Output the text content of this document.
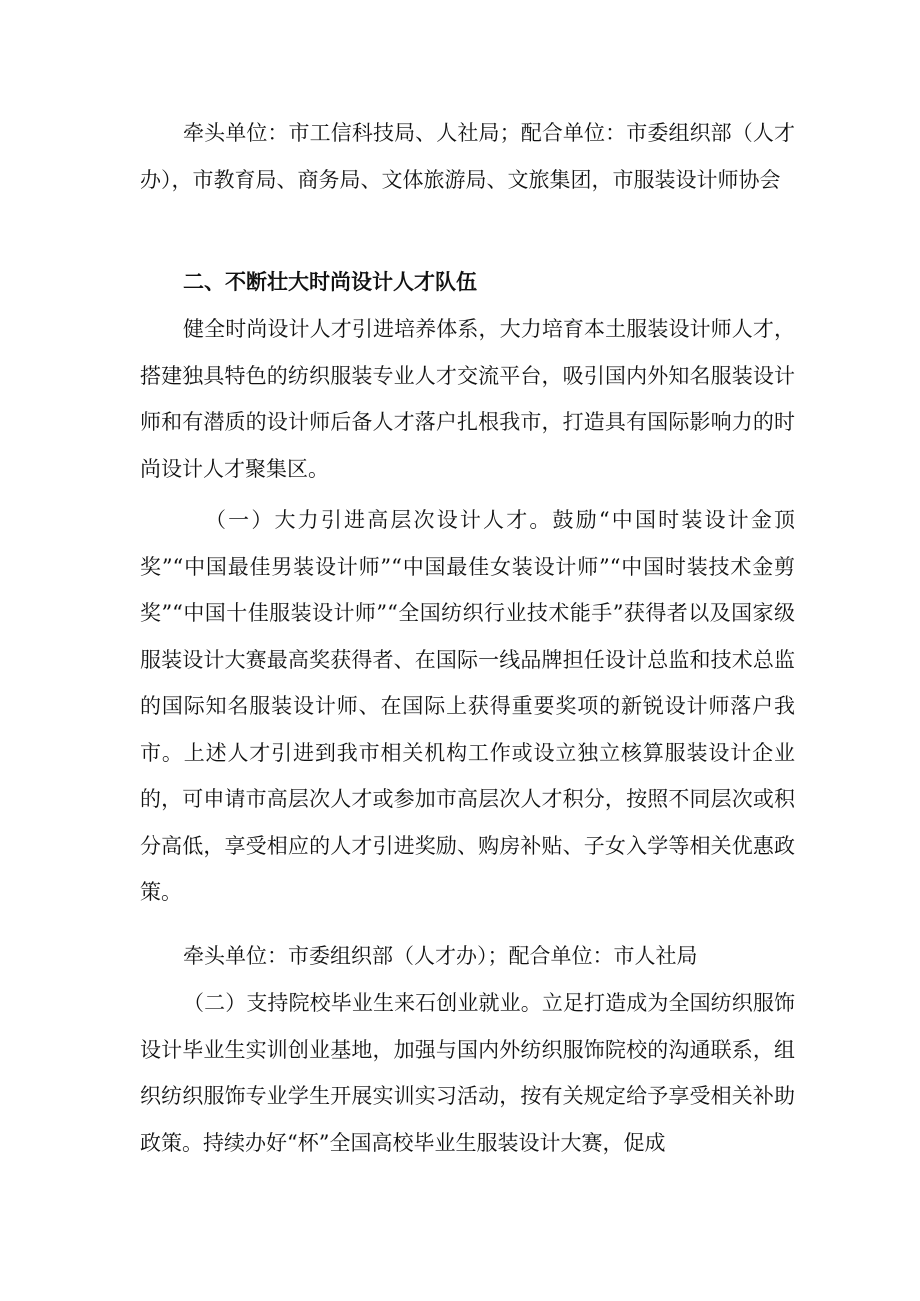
牵头单位：市工信科技局、人社局；配合单位：市委组织部（人才办），市教育局、商务局、文体旅游局、文旅集团，市服装设计师协会

二、不断壮大时尚设计人才队伍

健全时尚设计人才引进培养体系，大力培育本土服装设计师人才，搭建独具特色的纺织服装专业人才交流平台，吸引国内外知名服装设计师和有潜质的设计师后备人才落户扎根我市，打造具有国际影响力的时尚设计人才聚集区。

（一）大力引进高层次设计人才。鼓励“中国时装设计金顶奖”“中国最佳男装设计师”“中国最佳女装设计师”“中国时装技术金剪奖”“中国十佳服装设计师”“全国纺织行业技术能手”获得者以及国家级服装设计大赛最高奖获得者、在国际一线品牌担任设计总监和技术总监的国际知名服装设计师、在国际上获得重要奖项的新锐设计师落户我市。上述人才引进到我市相关机构工作或设立独立核算服装设计企业的，可申请市高层次人才或参加市高层次人才积分，按照不同层次或积分高低，享受相应的人才引进奖励、购房补贴、子女入学等相关优惠政策。

牵头单位：市委组织部（人才办）；配合单位：市人社局

（二）支持院校毕业生来石创业就业。立足打造成为全国纺织服饰设计毕业生实训创业基地，加强与国内外纺织服饰院校的沟通联系，组织纺织服饰专业学生开展实训实习活动，按有关规定给予享受相关补助政策。持续办好“杯”全国高校毕业生服装设计大赛，促成
